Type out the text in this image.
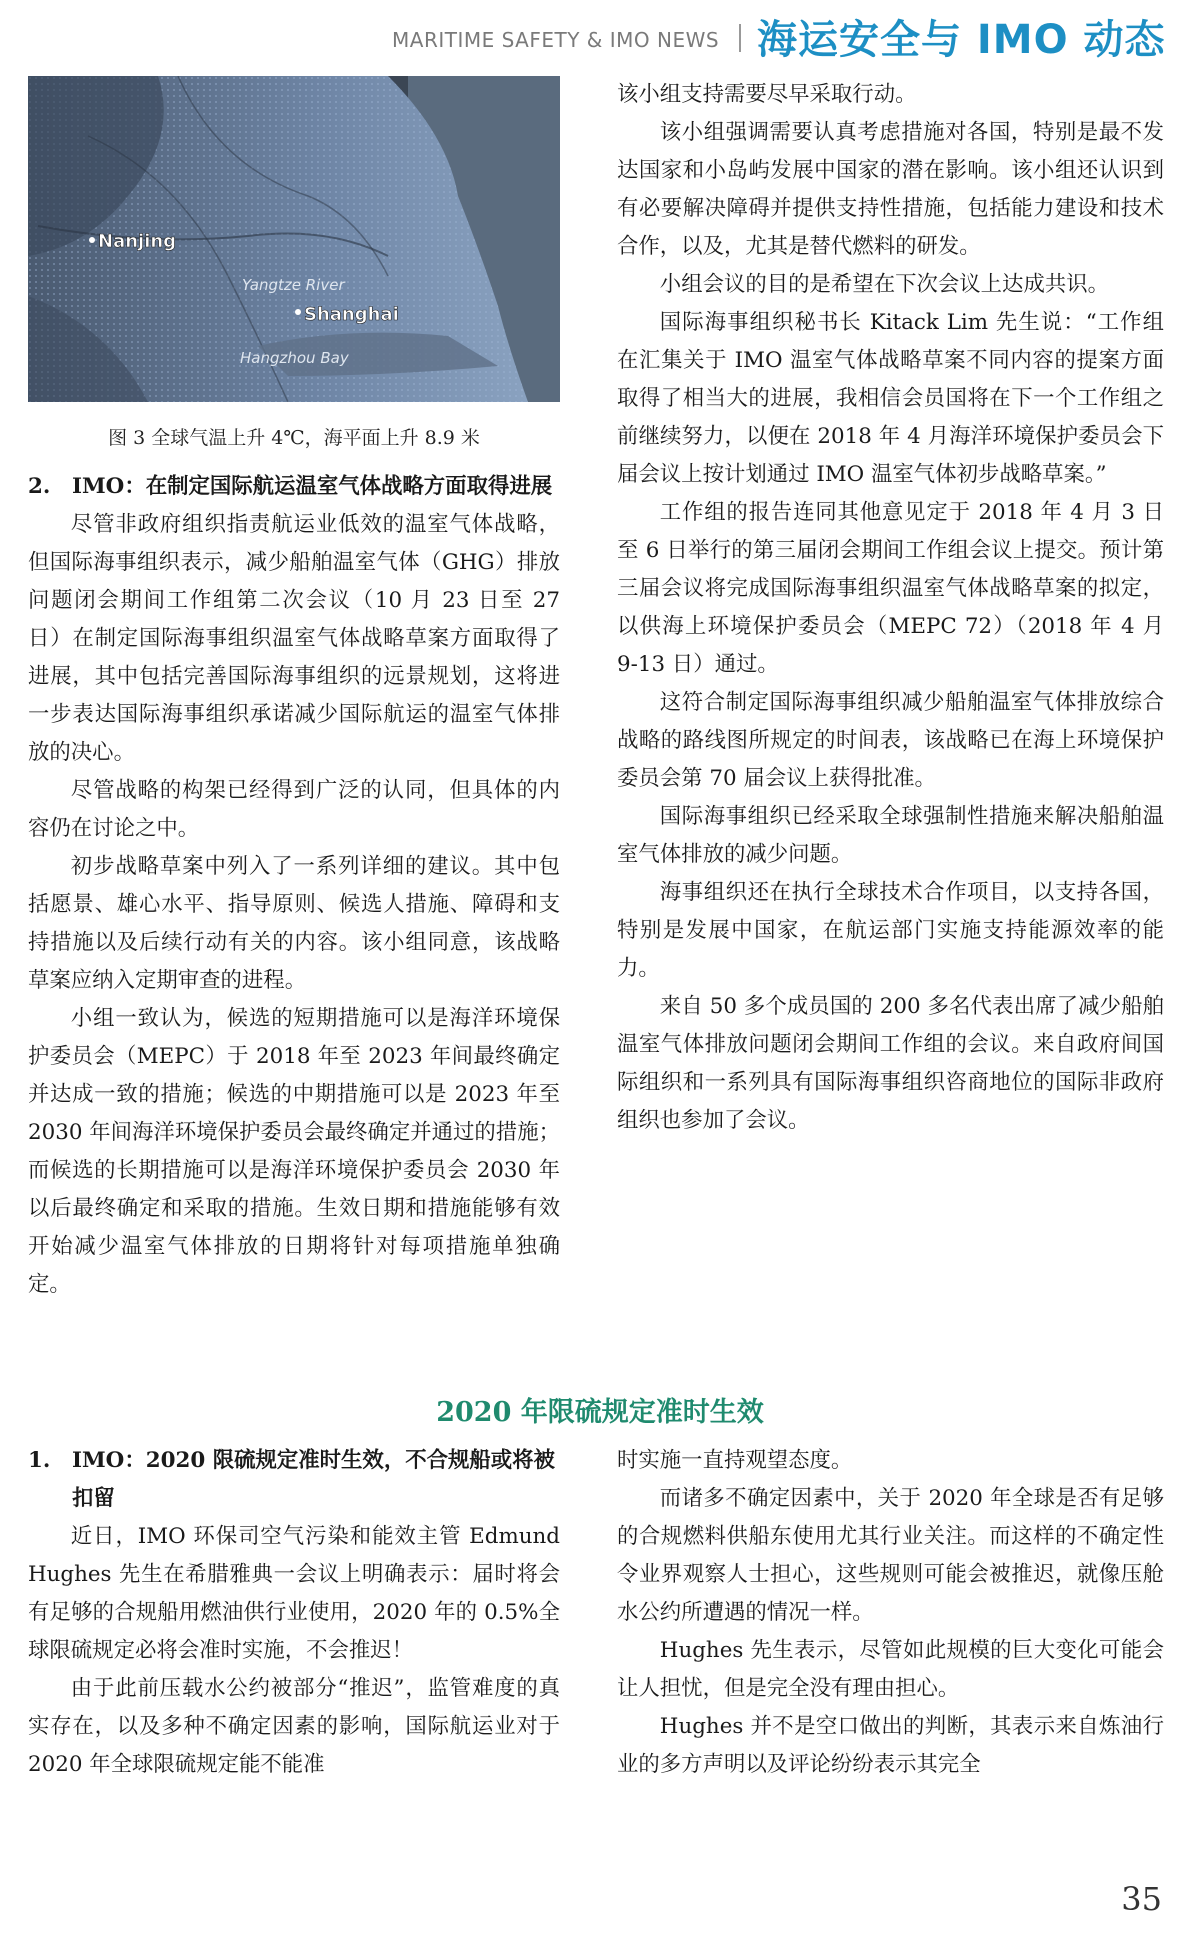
MARITIME SAFETY & IMO NEWS 海运安全与 IMO 动态
Nanjing
Yangtze River
Shanghai
Hangzhou Bay
图 3 全球气温上升 4℃，海平面上升 8.9 米

2. IMO：在制定国际航运温室气体战略方面取得进展

尽管非政府组织指责航运业低效的温室气体战略，但国际海事组织表示，减少船舶温室气体（GHG）排放问题闭会期间工作组第二次会议（10 月 23 日至 27 日）在制定国际海事组织温室气体战略草案方面取得了进展，其中包括完善国际海事组织的远景规划，这将进一步表达国际海事组织承诺减少国际航运的温室气体排放的决心。

尽管战略的构架已经得到广泛的认同，但具体的内容仍在讨论之中。

初步战略草案中列入了一系列详细的建议。其中包括愿景、雄心水平、指导原则、候选人措施、障碍和支持措施以及后续行动有关的内容。该小组同意，该战略草案应纳入定期审查的进程。

小组一致认为，候选的短期措施可以是海洋环境保护委员会（MEPC）于 2018 年至 2023 年间最终确定并达成一致的措施；候选的中期措施可以是 2023 年至 2030 年间海洋环境保护委员会最终确定并通过的措施；而候选的长期措施可以是海洋环境保护委员会 2030 年以后最终确定和采取的措施。生效日期和措施能够有效开始减少温室气体排放的日期将针对每项措施单独确定。

该小组支持需要尽早采取行动。

该小组强调需要认真考虑措施对各国，特别是最不发达国家和小岛屿发展中国家的潜在影响。该小组还认识到有必要解决障碍并提供支持性措施，包括能力建设和技术合作，以及，尤其是替代燃料的研发。

小组会议的目的是希望在下次会议上达成共识。

国际海事组织秘书长 Kitack Lim 先生说：“工作组在汇集关于 IMO 温室气体战略草案不同内容的提案方面取得了相当大的进展，我相信会员国将在下一个工作组之前继续努力，以便在 2018 年 4 月海洋环境保护委员会下届会议上按计划通过 IMO 温室气体初步战略草案。”

工作组的报告连同其他意见定于 2018 年 4 月 3 日至 6 日举行的第三届闭会期间工作组会议上提交。预计第三届会议将完成国际海事组织温室气体战略草案的拟定，以供海上环境保护委员会（MEPC 72）（2018 年 4 月 9-13 日）通过。

这符合制定国际海事组织减少船舶温室气体排放综合战略的路线图所规定的时间表，该战略已在海上环境保护委员会第 70 届会议上获得批准。

国际海事组织已经采取全球强制性措施来解决船舶温室气体排放的减少问题。

海事组织还在执行全球技术合作项目，以支持各国，特别是发展中国家，在航运部门实施支持能源效率的能力。

来自 50 多个成员国的 200 多名代表出席了减少船舶温室气体排放问题闭会期间工作组的会议。来自政府间国际组织和一系列具有国际海事组织咨商地位的国际非政府组织也参加了会议。

2020 年限硫规定准时生效

1. IMO：2020 限硫规定准时生效，不合规船或将被扣留

近日，IMO 环保司空气污染和能效主管 Edmund Hughes 先生在希腊雅典一会议上明确表示：届时将会有足够的合规船用燃油供行业使用，2020 年的 0.5%全球限硫规定必将会准时实施，不会推迟！

由于此前压载水公约被部分“推迟”，监管难度的真实存在，以及多种不确定因素的影响，国际航运业对于 2020 年全球限硫规定能不能准

时实施一直持观望态度。

而诸多不确定因素中，关于 2020 年全球是否有足够的合规燃料供船东使用尤其行业关注。而这样的不确定性令业界观察人士担心，这些规则可能会被推迟，就像压舱水公约所遭遇的情况一样。

Hughes 先生表示，尽管如此规模的巨大变化可能会让人担忧，但是完全没有理由担心。

Hughes 并不是空口做出的判断，其表示来自炼油行业的多方声明以及评论纷纷表示其完全

35
